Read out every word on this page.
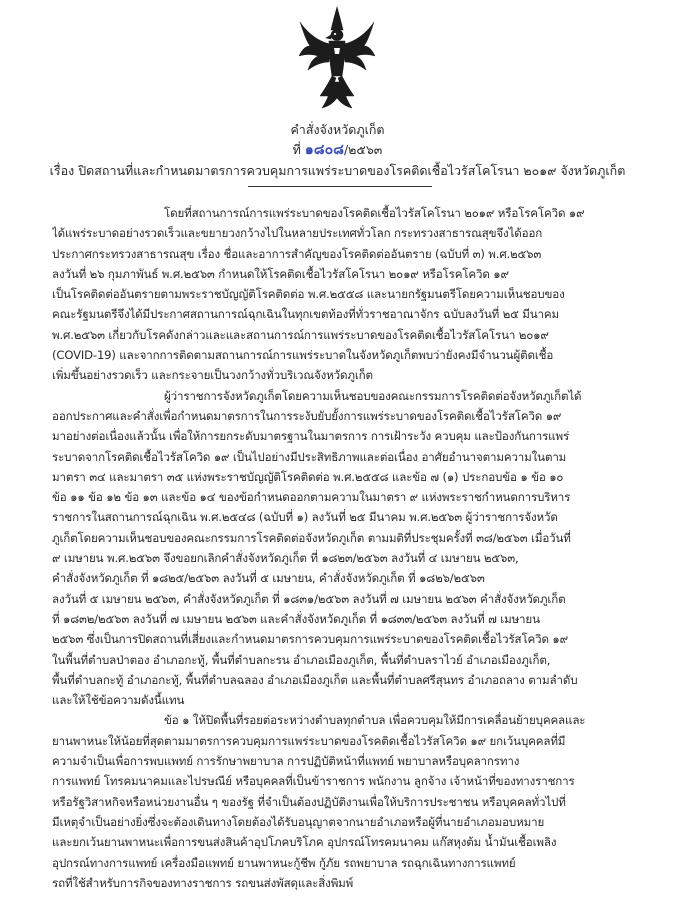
คำสั่งจังหวัดภูเก็ต
ที่ ๑๘๐๘/๒๕๖๓
เรื่อง ปิดสถานที่และกำหนดมาตรการควบคุมการแพร่ระบาดของโรคติดเชื้อไวรัสโคโรนา ๒๐๑๙ จังหวัดภูเก็ต
โดยที่สถานการณ์การแพร่ระบาดของโรคติดเชื้อไวรัสโคโรนา ๒๐๑๙ หรือโรคโควิด ๑๙
ได้แพร่ระบาดอย่างรวดเร็วและขยายวงกว้างไปในหลายประเทศทั่วโลก กระทรวงสาธารณสุขจึงได้ออก
ประกาศกระทรวงสาธารณสุข เรื่อง ชื่อและอาการสำคัญของโรคติดต่ออันตราย (ฉบับที่ ๓) พ.ศ.๒๕๖๓
ลงวันที่ ๒๖ กุมภาพันธ์ พ.ศ.๒๕๖๓ กำหนดให้โรคติดเชื้อไวรัสโคโรนา ๒๐๑๙ หรือโรคโควิด ๑๙
เป็นโรคติดต่ออันตรายตามพระราชบัญญัติโรคติดต่อ พ.ศ.๒๕๕๘ และนายกรัฐมนตรีโดยความเห็นชอบของ
คณะรัฐมนตรีจึงได้มีประกาศสถานการณ์ฉุกเฉินในทุกเขตท้องที่ทั่วราชอาณาจักร ฉบับลงวันที่ ๒๕ มีนาคม
พ.ศ.๒๕๖๓ เกี่ยวกับโรคดังกล่าวและและสถานการณ์การแพร่ระบาดของโรคติดเชื้อไวรัสโคโรนา ๒๐๑๙
(COVID-19) และจากการติดตามสถานการณ์การแพร่ระบาดในจังหวัดภูเก็ตพบว่ายังคงมีจำนวนผู้ติดเชื้อ
เพิ่มขึ้นอย่างรวดเร็ว และกระจายเป็นวงกว้างทั่วบริเวณจังหวัดภูเก็ต
ผู้ว่าราชการจังหวัดภูเก็ตโดยความเห็นชอบของคณะกรรมการโรคติดต่อจังหวัดภูเก็ตได้
ออกประกาศและคำสั่งเพื่อกำหนดมาตรการในการระงับยับยั้งการแพร่ระบาดของโรคติดเชื้อไวรัสโควิด ๑๙
มาอย่างต่อเนื่องแล้วนั้น เพื่อให้การยกระดับมาตรฐานในมาตรการ การเฝ้าระวัง ควบคุม และป้องกันการแพร่
ระบาดจากโรคติดเชื้อไวรัสโควิด ๑๙ เป็นไปอย่างมีประสิทธิภาพและต่อเนื่อง อาศัยอำนาจตามความในตาม
มาตรา ๓๔ และมาตรา ๓๕ แห่งพระราชบัญญัติโรคติดต่อ พ.ศ.๒๕๕๘ และข้อ ๗ (๑) ประกอบข้อ ๑ ข้อ ๑๐
ข้อ ๑๑ ข้อ ๑๒ ข้อ ๑๓ และข้อ ๑๔ ของข้อกำหนดออกตามความในมาตรา ๙ แห่งพระราชกำหนดการบริหาร
ราชการในสถานการณ์ฉุกเฉิน พ.ศ.๒๕๔๘ (ฉบับที่ ๑) ลงวันที่ ๒๕ มีนาคม พ.ศ.๒๕๖๓ ผู้ว่าราชการจังหวัด
ภูเก็ตโดยความเห็นชอบของคณะกรรมการโรคติดต่อจังหวัดภูเก็ต ตามมติที่ประชุมครั้งที่ ๓๘/๒๕๖๓ เมื่อวันที่
๙ เมษายน พ.ศ.๒๕๖๓ จึงขอยกเลิกคำสั่งจังหวัดภูเก็ต ที่ ๑๘๒๓/๒๕๖๓ ลงวันที่ ๔ เมษายน ๒๕๖๓,
คำสั่งจังหวัดภูเก็ต ที่ ๑๘๒๕/๒๕๖๓ ลงวันที่ ๕ เมษายน, คำสั่งจังหวัดภูเก็ต ที่ ๑๘๒๖/๒๕๖๓
ลงวันที่ ๕ เมษายน ๒๕๖๓, คำสั่งจังหวัดภูเก็ต ที่ ๑๘๓๑/๒๕๖๓ ลงวันที่ ๗ เมษายน ๒๕๖๓ คำสั่งจังหวัดภูเก็ต
ที่ ๑๘๓๒/๒๕๖๓ ลงวันที่ ๗ เมษายน ๒๕๖๓ และคำสั่งจังหวัดภูเก็ต ที่ ๑๘๓๓/๒๕๖๓ ลงวันที่ ๗ เมษายน
๒๕๖๓ ซึ่งเป็นการปิดสถานที่เสี่ยงและกำหนดมาตรการควบคุมการแพร่ระบาดของโรคติดเชื้อไวรัสโควิด ๑๙
ในพื้นที่ตำบลป่าตอง อำเภอกะทู้, พื้นที่ตำบลกะรน อำเภอเมืองภูเก็ต, พื้นที่ตำบลราไวย์ อำเภอเมืองภูเก็ต,
พื้นที่ตำบลกะทู้ อำเภอกะทู้, พื้นที่ตำบลฉลอง อำเภอเมืองภูเก็ต และพื้นที่ตำบลศรีสุนทร อำเภอถลาง ตามลำดับ
และให้ใช้ข้อความดังนี้แทน
ข้อ ๑ ให้ปิดพื้นที่รอยต่อระหว่างตำบลทุกตำบล เพื่อควบคุมให้มีการเคลื่อนย้ายบุคคลและ
ยานพาหนะให้น้อยที่สุดตามมาตรการควบคุมการแพร่ระบาดของโรคติดเชื้อไวรัสโควิด ๑๙ ยกเว้นบุคคลที่มี
ความจำเป็นเพื่อการพบแพทย์ การรักษาพยาบาล การปฏิบัติหน้าที่แพทย์ พยาบาลหรือบุคลากรทาง
การแพทย์ โทรคมนาคมและไปรษณีย์ หรือบุคคลที่เป็นข้าราชการ พนักงาน ลูกจ้าง เจ้าหน้าที่ของทางราชการ
หรือรัฐวิสาหกิจหรือหน่วยงานอื่น ๆ ของรัฐ ที่จำเป็นต้องปฏิบัติงานเพื่อให้บริการประชาชน หรือบุคคลทั่วไปที่
มีเหตุจำเป็นอย่างยิ่งซึ่งจะต้องเดินทางโดยต้องได้รับอนุญาตจากนายอำเภอหรือผู้ที่นายอำเภอมอบหมาย
และยกเว้นยานพาหนะเพื่อการขนส่งสินค้าอุปโภคบริโภค อุปกรณ์โทรคมนาคม แก๊สหุงต้ม น้ำมันเชื้อเพลิง
อุปกรณ์ทางการแพทย์ เครื่องมือแพทย์ ยานพาหนะกู้ชีพ กู้ภัย รถพยาบาล รถฉุกเฉินทางการแพทย์
รถที่ใช้สำหรับการกิจของทางราชการ รถขนส่งพัสดุและสิ่งพิมพ์
